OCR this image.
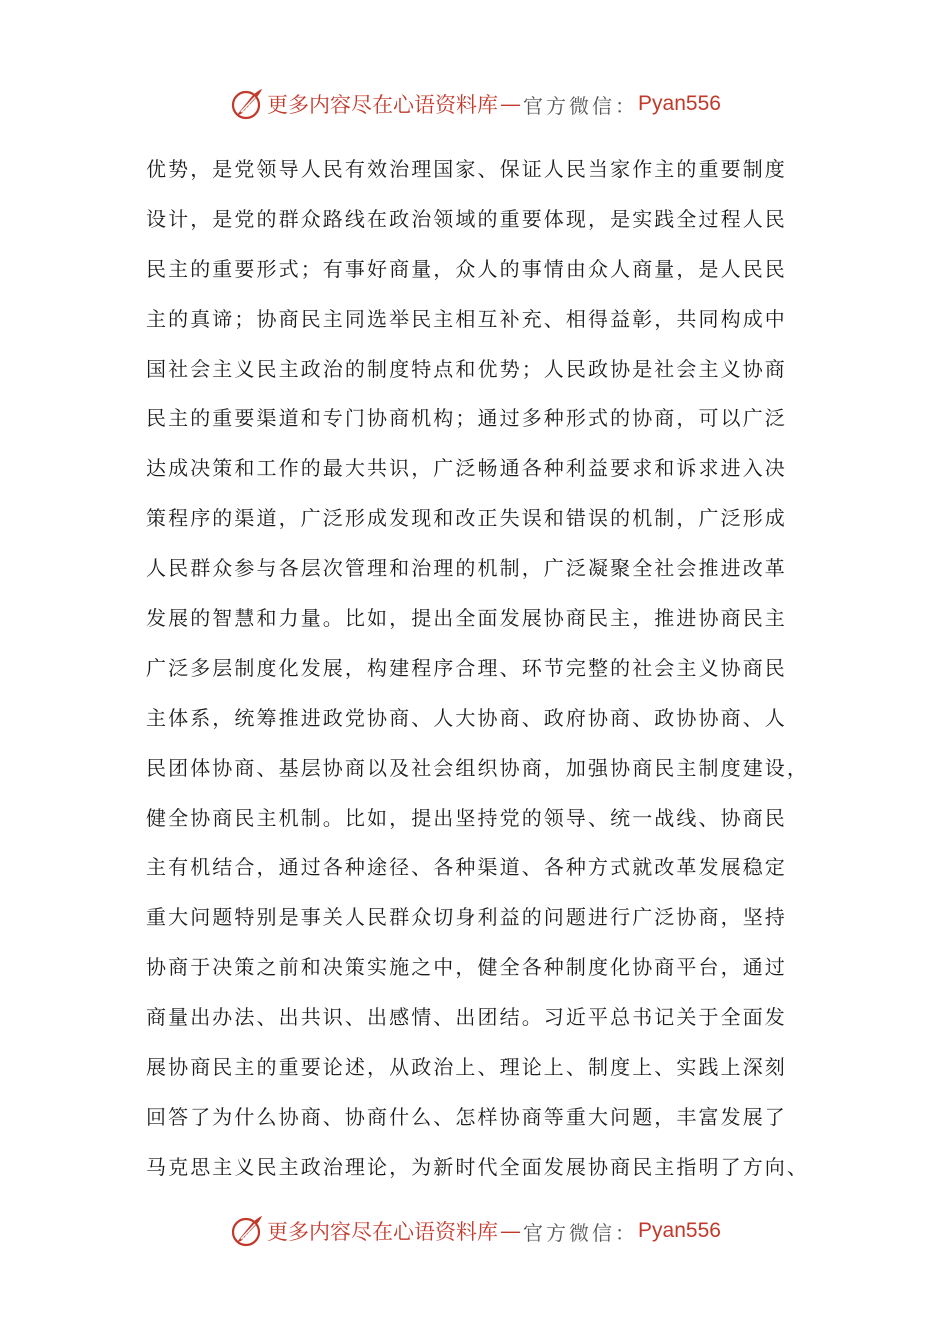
更多内容尽在心语资料库 — 官方微信： Pyan556
优势，是党领导人民有效治理国家、保证人民当家作主的重要制度
设计，是党的群众路线在政治领域的重要体现，是实践全过程人民
民主的重要形式；有事好商量，众人的事情由众人商量，是人民民
主的真谛；协商民主同选举民主相互补充、相得益彰，共同构成中
国社会主义民主政治的制度特点和优势；人民政协是社会主义协商
民主的重要渠道和专门协商机构；通过多种形式的协商，可以广泛
达成决策和工作的最大共识，广泛畅通各种利益要求和诉求进入决
策程序的渠道，广泛形成发现和改正失误和错误的机制，广泛形成
人民群众参与各层次管理和治理的机制，广泛凝聚全社会推进改革
发展的智慧和力量。比如，提出全面发展协商民主，推进协商民主
广泛多层制度化发展，构建程序合理、环节完整的社会主义协商民
主体系，统筹推进政党协商、人大协商、政府协商、政协协商、人
民团体协商、基层协商以及社会组织协商，加强协商民主制度建设，
健全协商民主机制。比如，提出坚持党的领导、统一战线、协商民
主有机结合，通过各种途径、各种渠道、各种方式就改革发展稳定
重大问题特别是事关人民群众切身利益的问题进行广泛协商，坚持
协商于决策之前和决策实施之中，健全各种制度化协商平台，通过
商量出办法、出共识、出感情、出团结。习近平总书记关于全面发
展协商民主的重要论述，从政治上、理论上、制度上、实践上深刻
回答了为什么协商、协商什么、怎样协商等重大问题，丰富发展了
马克思主义民主政治理论，为新时代全面发展协商民主指明了方向、
更多内容尽在心语资料库 — 官方微信： Pyan556
